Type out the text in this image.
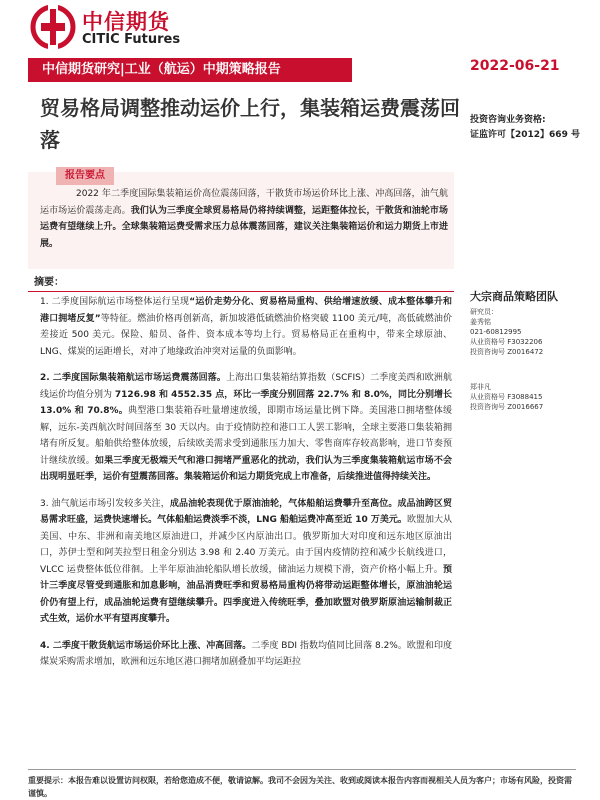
中信期货
CITIC Futures
中信期货研究|工业（航运）中期策略报告	2022-06-21
贸易格局调整推动运价上行，集装箱运费震荡回落
投资咨询业务资格:
证监许可【2012】669 号
报告要点
2022 年二季度国际集装箱运价高位震荡回落，干散货市场运价环比上涨、冲高回落，油气航运市场运价震荡走高。我们认为三季度全球贸易格局仍将持续调整，运距整体拉长，干散货和油轮市场运费有望继续上升。全球集装箱运费受需求压力总体震荡回落，建议关注集装箱运价和运力期货上市进展。
摘要：

1. 二季度国际航运市场整体运行呈现“运价走势分化、贸易格局重构、供给增速放缓、成本整体攀升和港口拥堵反复”等特征。燃油价格再创新高，新加坡港低硫燃油价格突破 1100 美元/吨，高低硫燃油价差接近 500 美元。保险、船员、备件、资本成本等均上行。贸易格局正在重构中，带来全球原油、LNG、煤炭的运距增长，对冲了地缘政治冲突对运量的负面影响。

2. 二季度国际集装箱航运市场运费震荡回落。上海出口集装箱结算指数（SCFIS）二季度美西和欧洲航线运价均值分别为 7126.98 和 4552.35 点，环比一季度分别回落 22.7% 和 8.0%，同比分别增长 13.0% 和 70.8%。典型港口集装箱吞吐量增速放缓，即期市场运量比例下降。美国港口拥堵整体缓解，远东-美西航次时间回落至 30 天以内。由于疫情防控和港口工人罢工影响，全球主要港口集装箱拥堵有所反复。船舶供给整体放缓，后续欧美需求受到通胀压力加大、零售商库存较高影响，进口节奏预计继续放缓。如果三季度无极端天气和港口拥堵严重恶化的扰动，我们认为三季度集装箱航运市场不会出现明显旺季，运价有望震荡回落。集装箱运价和运力期货完成上市准备，后续推进值得持续关注。

3. 油气航运市场引发较多关注，成品油轮表现优于原油油轮，气体船舶运费攀升至高位。成品油跨区贸易需求旺盛，运费快速增长。气体船舶运费淡季不淡，LNG 船舶运费冲高至近 10 万美元。欧盟加大从美国、中东、非洲和南美地区原油进口，并减少区内原油出口。俄罗斯加大对印度和远东地区原油出口，苏伊士型和阿芙拉型日租金分别达 3.98 和 2.40 万美元。由于国内疫情防控和减少长航线进口，VLCC 运费整体低位徘徊。上半年原油油轮船队增长放缓，储油运力规模下滑，资产价格小幅上升。预计三季度尽管受到通胀和加息影响，油品消费旺季和贸易格局重构仍将带动运距整体增长，原油油轮运价仍有望上行，成品油轮运费有望继续攀升。四季度进入传统旺季，叠加欧盟对俄罗斯原油运输制裁正式生效，运价水平有望再度攀升。

4. 二季度干散货航运市场运价环比上涨、冲高回落。二季度 BDI 指数均值同比回落 8.2%。欧盟和印度煤炭采购需求增加，欧洲和远东地区港口拥堵加剧叠加平均运距拉

大宗商品策略团队
研究员：
姜秀铭
021-60812995
从业资格号 F3032206
投资咨询号 Z0016472
郑非凡
从业资格号 F3088415
投资咨询号 Z0016667
重要提示：本报告难以设置访问权限，若给您造成不便，敬请谅解。我司不会因为关注、收到或阅读本报告内容而视相关人员为客户；市场有风险，投资需谨慎。
